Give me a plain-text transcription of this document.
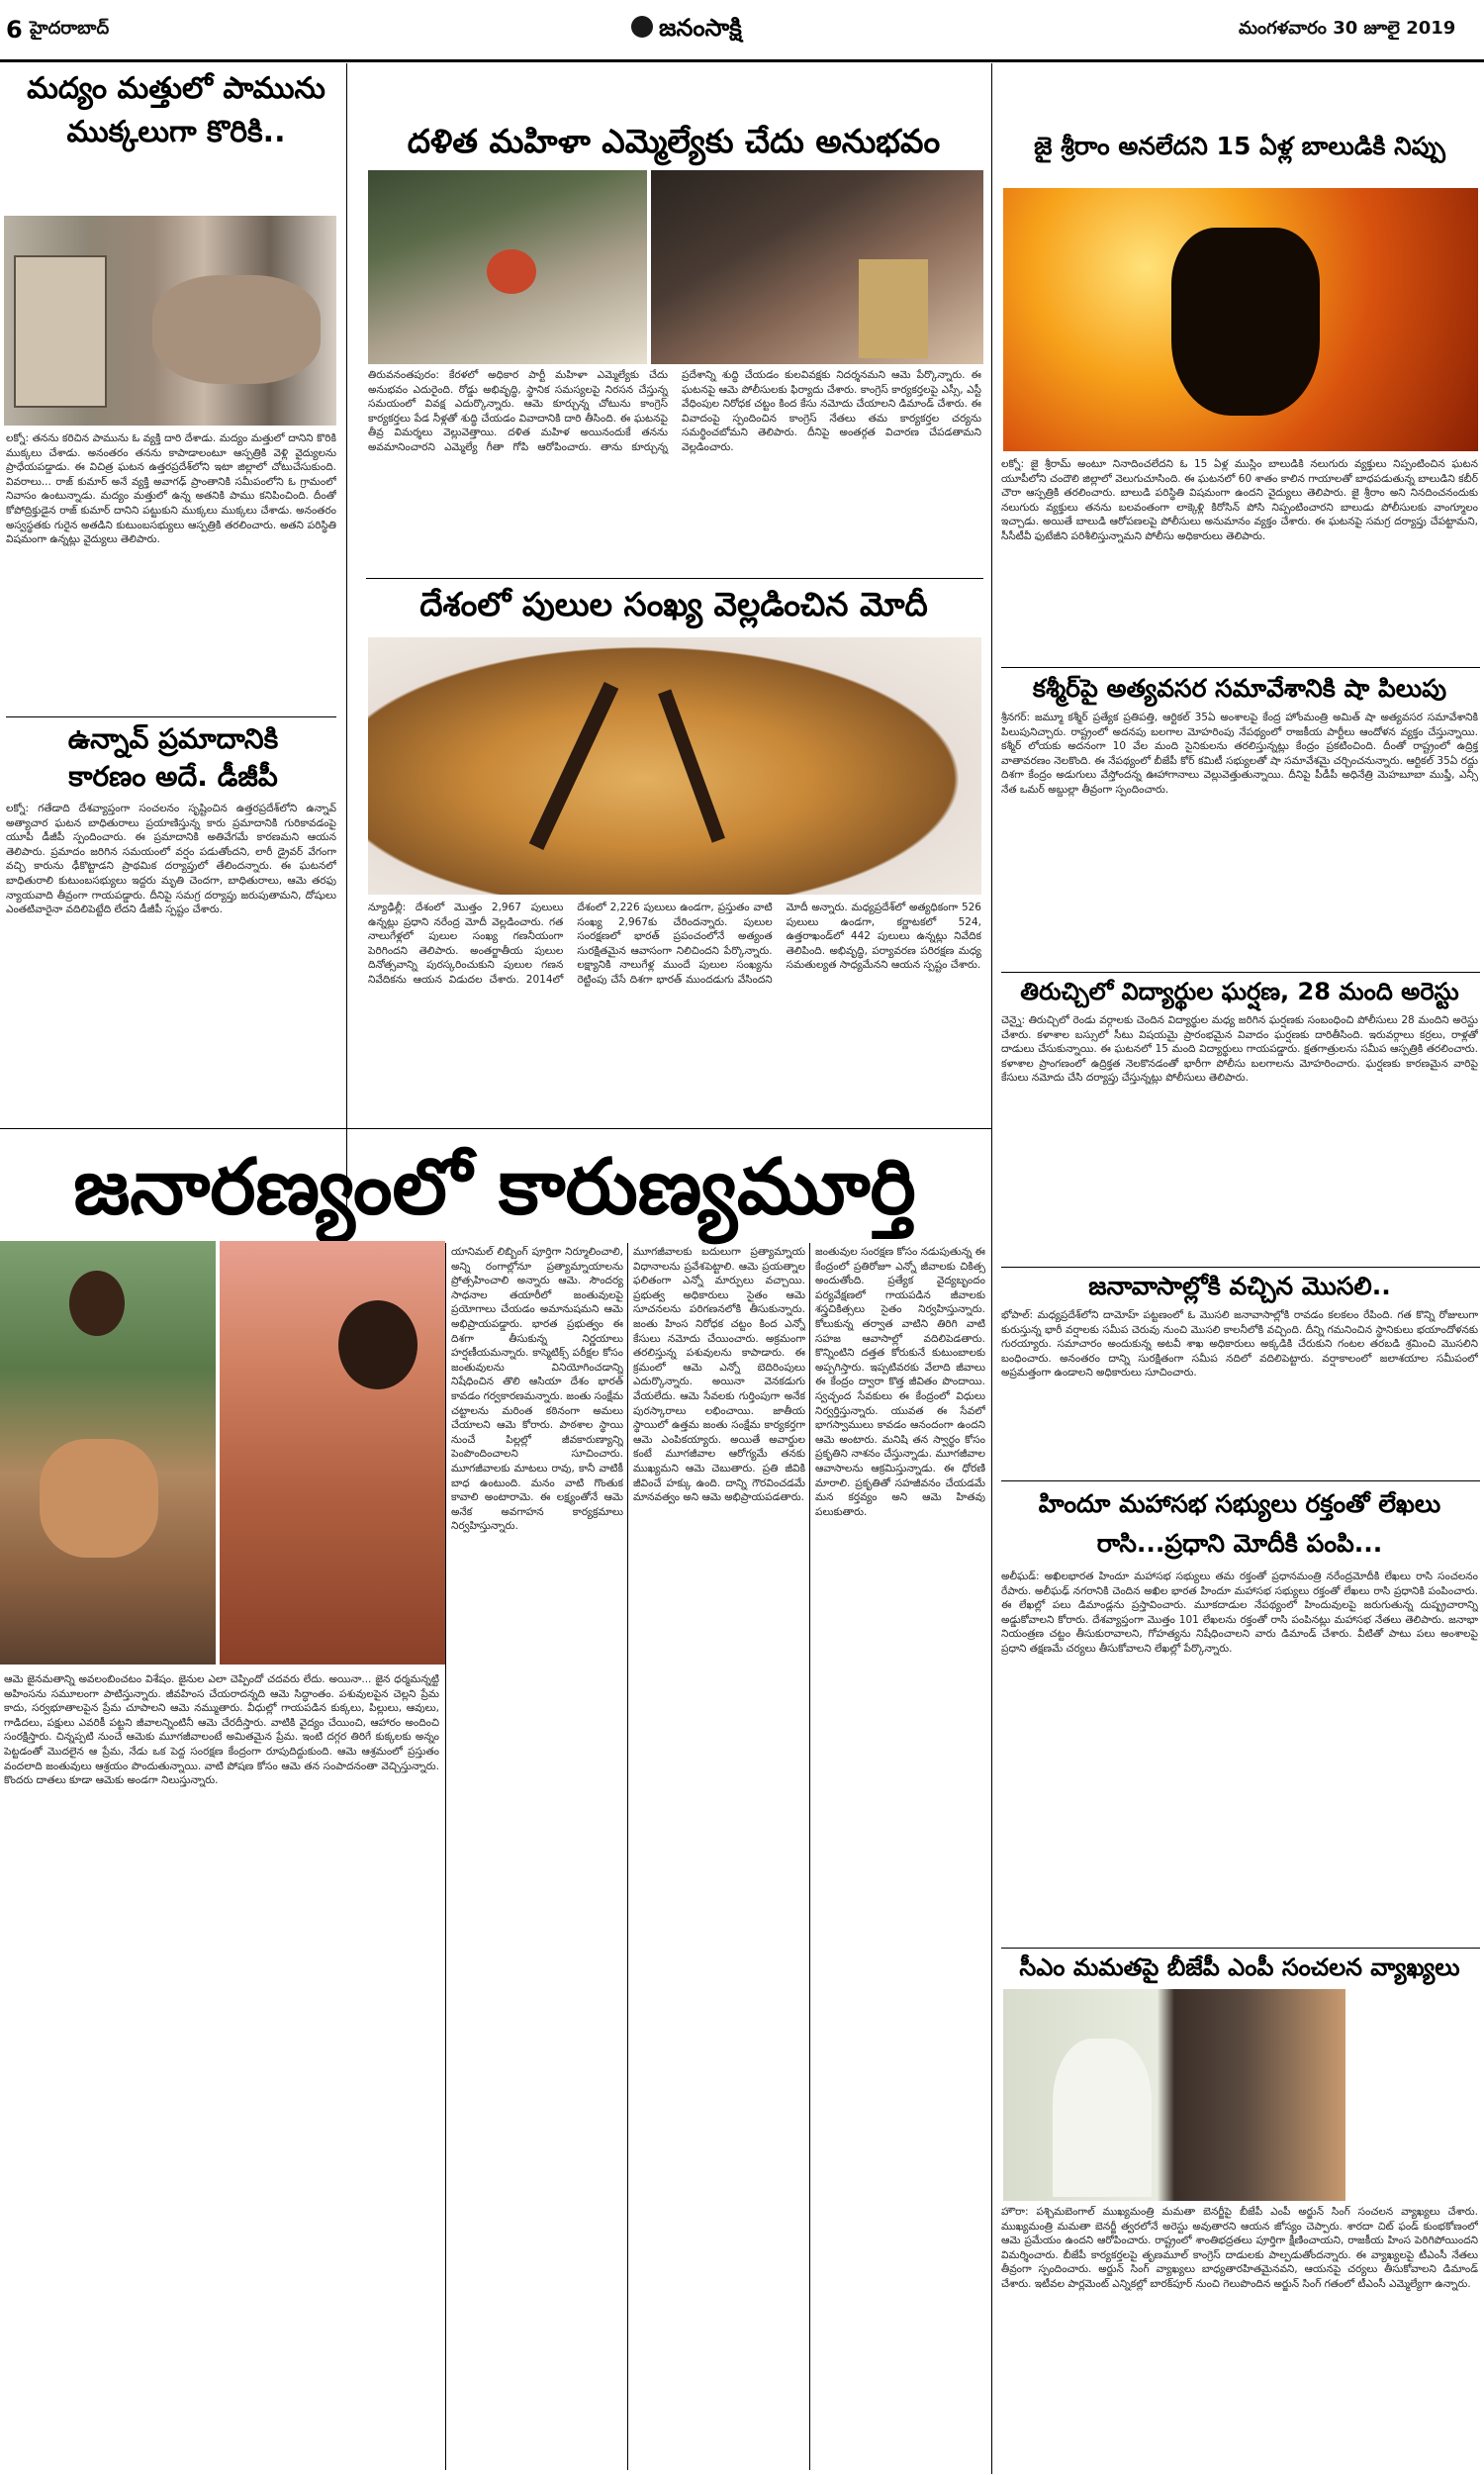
6 హైదరాబాద్	జనంసాక్షి	మంగళవారం 30 జూలై 2019
మద్యం మత్తులో పామును ముక్కలుగా కొరికి..
లక్నో: తనను కరిచిన పామును ఓ వ్యక్తి దారి దేశాడు. మద్యం మత్తులో దానిని కొరికి ముక్కలు చేశాడు. అనంతరం తనను కాపాడాలంటూ ఆస్పత్రికి వెళ్లి వైద్యులను ప్రాధేయపడ్డాడు. ఈ విచిత్ర ఘటన ఉత్తరప్రదేశ్‌లోని ఇటా జిల్లాలో చోటుచేసుకుంది. వివరాలు... రాజ్ కుమార్ అనే వ్యక్తి అవాగఢ్ ప్రాంతానికి సమీపంలోని ఓ గ్రామంలో నివాసం ఉంటున్నాడు. మద్యం మత్తులో ఉన్న అతనికి పాము కనిపించింది. దీంతో కోపోద్రిక్తుడైన రాజ్ కుమార్ దానిని పట్టుకుని ముక్కలు ముక్కలు చేశాడు. అనంతరం అస్వస్థతకు గురైన అతడిని కుటుంబసభ్యులు ఆస్పత్రికి తరలించారు. అతని పరిస్థితి విషమంగా ఉన్నట్లు వైద్యులు తెలిపారు.
ఉన్నావ్ ప్రమాదానికి కారణం అదే. డీజీపీ
లక్నో: గతేడాది దేశవ్యాప్తంగా సంచలనం సృష్టించిన ఉత్తరప్రదేశ్‌లోని ఉన్నావ్ అత్యాచార ఘటన బాధితురాలు ప్రయాణిస్తున్న కారు ప్రమాదానికి గురికావడంపై యూపీ డీజీపీ స్పందించారు. ఈ ప్రమాదానికి అతివేగమే కారణమని ఆయన తెలిపారు. ప్రమాదం జరిగిన సమయంలో వర్షం పడుతోందని, లారీ డ్రైవర్ వేగంగా వచ్చి కారును ఢీకొట్టాడని ప్రాథమిక దర్యాప్తులో తేలిందన్నారు. ఈ ఘటనలో బాధితురాలి కుటుంబసభ్యులు ఇద్దరు మృతి చెందగా, బాధితురాలు, ఆమె తరఫు న్యాయవాది తీవ్రంగా గాయపడ్డారు. దీనిపై సమగ్ర దర్యాప్తు జరుపుతామని, దోషులు ఎంతటివారైనా వదిలిపెట్టేది లేదని డీజీపీ స్పష్టం చేశారు.
దళిత మహిళా ఎమ్మెల్యేకు చేదు అనుభవం
తిరువనంతపురం: కేరళలో అధికార పార్టీ మహిళా ఎమ్మెల్యేకు చేదు అనుభవం ఎదురైంది. రోడ్డు అభివృద్ధి, స్థానిక సమస్యలపై నిరసన చేస్తున్న సమయంలో వివక్ష ఎదుర్కొన్నారు. ఆమె కూర్చున్న చోటును కాంగ్రెస్ కార్యకర్తలు పేడ నీళ్లతో శుద్ధి చేయడం వివాదానికి దారి తీసింది. ఈ ఘటనపై తీవ్ర విమర్శలు వెల్లువెత్తాయి. దళిత మహిళ అయినందుకే తనను అవమానించారని ఎమ్మెల్యే గీతా గోపి ఆరోపించారు. తాను కూర్చున్న ప్రదేశాన్ని శుద్ధి చేయడం కులవివక్షకు నిదర్శనమని ఆమె పేర్కొన్నారు. ఈ ఘటనపై ఆమె పోలీసులకు ఫిర్యాదు చేశారు. కాంగ్రెస్ కార్యకర్తలపై ఎస్సీ, ఎస్టీ వేధింపుల నిరోధక చట్టం కింద కేసు నమోదు చేయాలని డిమాండ్ చేశారు. ఈ వివాదంపై స్పందించిన కాంగ్రెస్ నేతలు తమ కార్యకర్తల చర్యను సమర్థించబోమని తెలిపారు. దీనిపై అంతర్గత విచారణ చేపడతామని వెల్లడించారు.
దేశంలో పులుల సంఖ్య వెల్లడించిన మోదీ
న్యూఢిల్లీ: దేశంలో మొత్తం 2,967 పులులు ఉన్నట్లు ప్రధాని నరేంద్ర మోదీ వెల్లడించారు. గత నాలుగేళ్లలో పులుల సంఖ్య గణనీయంగా పెరిగిందని తెలిపారు. అంతర్జాతీయ పులుల దినోత్సవాన్ని పురస్కరించుకుని పులుల గణన నివేదికను ఆయన విడుదల చేశారు. 2014లో దేశంలో 2,226 పులులు ఉండగా, ప్రస్తుతం వాటి సంఖ్య 2,967కు చేరిందన్నారు. పులుల సంరక్షణలో భారత్ ప్రపంచంలోనే అత్యంత సురక్షితమైన ఆవాసంగా నిలిచిందని పేర్కొన్నారు. లక్ష్యానికి నాలుగేళ్ల ముందే పులుల సంఖ్యను రెట్టింపు చేసే దిశగా భారత్ ముందడుగు వేసిందని మోదీ అన్నారు. మధ్యప్రదేశ్‌లో అత్యధికంగా 526 పులులు ఉండగా, కర్ణాటకలో 524, ఉత్తరాఖండ్‌లో 442 పులులు ఉన్నట్లు నివేదిక తెలిపింది. అభివృద్ధి, పర్యావరణ పరిరక్షణ మధ్య సమతుల్యత సాధ్యమేనని ఆయన స్పష్టం చేశారు.
జై శ్రీరాం అనలేదని 15 ఏళ్ల బాలుడికి నిప్పు
లక్నో: జై శ్రీరామ్ అంటూ నినాదించలేదని ఓ 15 ఏళ్ల ముస్లిం బాలుడికి నలుగురు వ్యక్తులు నిప్పంటించిన ఘటన యూపీలోని చందౌలి జిల్లాలో వెలుగుచూసింది. ఈ ఘటనలో 60 శాతం కాలిన గాయాలతో బాధపడుతున్న బాలుడిని కబీర్ చౌరా ఆస్పత్రికి తరలించారు. బాలుడి పరిస్థితి విషమంగా ఉందని వైద్యులు తెలిపారు. జై శ్రీరాం అని నినదించనందుకు నలుగురు వ్యక్తులు తనను బలవంతంగా లాక్కెళ్లి కిరోసిన్ పోసి నిప్పంటించారని బాలుడు పోలీసులకు వాంగ్మూలం ఇచ్చాడు. అయితే బాలుడి ఆరోపణలపై పోలీసులు అనుమానం వ్యక్తం చేశారు. ఈ ఘటనపై సమగ్ర దర్యాప్తు చేపట్టామని, సీసీటీవీ ఫుటేజీని పరిశీలిస్తున్నామని పోలీసు అధికారులు తెలిపారు.
కశ్మీర్‌పై అత్యవసర సమావేశానికి షా పిలుపు
శ్రీనగర్: జమ్మూ కశ్మీర్ ప్రత్యేక ప్రతిపత్తి, ఆర్టికల్ 35ఏ అంశాలపై కేంద్ర హోంమంత్రి అమిత్ షా అత్యవసర సమావేశానికి పిలుపునిచ్చారు. రాష్ట్రంలో అదనపు బలగాల మోహరింపు నేపథ్యంలో రాజకీయ పార్టీలు ఆందోళన వ్యక్తం చేస్తున్నాయి. కశ్మీర్ లోయకు అదనంగా 10 వేల మంది సైనికులను తరలిస్తున్నట్లు కేంద్రం ప్రకటించింది. దీంతో రాష్ట్రంలో ఉద్రిక్త వాతావరణం నెలకొంది. ఈ నేపథ్యంలో బీజేపీ కోర్ కమిటీ సభ్యులతో షా సమావేశమై చర్చించనున్నారు. ఆర్టికల్ 35ఏ రద్దు దిశగా కేంద్రం అడుగులు వేస్తోందన్న ఊహాగానాలు వెల్లువెత్తుతున్నాయి. దీనిపై పీడీపీ అధినేత్రి మెహబూబా ముఫ్తీ, ఎన్సీ నేత ఒమర్ అబ్దుల్లా తీవ్రంగా స్పందించారు.
తిరుచ్చిలో విద్యార్థుల ఘర్షణ, 28 మంది అరెస్టు
చెన్నై: తిరుచ్చిలో రెండు వర్గాలకు చెందిన విద్యార్థుల మధ్య జరిగిన ఘర్షణకు సంబంధించి పోలీసులు 28 మందిని అరెస్టు చేశారు. కళాశాల బస్సులో సీటు విషయమై ప్రారంభమైన వివాదం ఘర్షణకు దారితీసింది. ఇరువర్గాలు కర్రలు, రాళ్లతో దాడులు చేసుకున్నాయి. ఈ ఘటనలో 15 మంది విద్యార్థులు గాయపడ్డారు. క్షతగాత్రులను సమీప ఆస్పత్రికి తరలించారు. కళాశాల ప్రాంగణంలో ఉద్రిక్తత నెలకొనడంతో భారీగా పోలీసు బలగాలను మోహరించారు. ఘర్షణకు కారణమైన వారిపై కేసులు నమోదు చేసి దర్యాప్తు చేస్తున్నట్లు పోలీసులు తెలిపారు.
జనావాసాల్లోకి వచ్చిన మొసలి..
భోపాల్: మధ్యప్రదేశ్‌లోని దామోహ్ పట్టణంలో ఓ మొసలి జనావాసాల్లోకి రావడం కలకలం రేపింది. గత కొన్ని రోజులుగా కురుస్తున్న భారీ వర్షాలకు సమీప చెరువు నుంచి మొసలి కాలనీలోకి వచ్చింది. దీన్ని గమనించిన స్థానికులు భయాందోళనకు గురయ్యారు. సమాచారం అందుకున్న అటవీ శాఖ అధికారులు అక్కడికి చేరుకుని గంటల తరబడి శ్రమించి మొసలిని బంధించారు. అనంతరం దాన్ని సురక్షితంగా సమీప నదిలో వదిలిపెట్టారు. వర్షాకాలంలో జలాశయాల సమీపంలో అప్రమత్తంగా ఉండాలని అధికారులు సూచించారు.
హిందూ మహాసభ సభ్యులు రక్తంతో లేఖలు రాసి...ప్రధాని మోదీకి పంపి...
అలీఘడ్: అఖిలభారత హిందూ మహాసభ సభ్యులు తమ రక్తంతో ప్రధానమంత్రి నరేంద్రమోదీకి లేఖలు రాసి సంచలనం రేపారు. అలీఘఢ్ నగరానికి చెందిన అఖిల భారత హిందూ మహాసభ సభ్యులు రక్తంతో లేఖలు రాసి ప్రధానికి పంపించారు. ఈ లేఖల్లో పలు డిమాండ్లను ప్రస్తావించారు. మూకదాడుల నేపథ్యంలో హిందువులపై జరుగుతున్న దుష్ప్రచారాన్ని అడ్డుకోవాలని కోరారు. దేశవ్యాప్తంగా మొత్తం 101 లేఖలను రక్తంతో రాసి పంపినట్లు మహాసభ నేతలు తెలిపారు. జనాభా నియంత్రణ చట్టం తీసుకురావాలని, గోహత్యను నిషేధించాలని వారు డిమాండ్ చేశారు. వీటితో పాటు పలు అంశాలపై ప్రధాని తక్షణమే చర్యలు తీసుకోవాలని లేఖల్లో పేర్కొన్నారు.
సీఎం మమతపై బీజేపీ ఎంపీ సంచలన వ్యాఖ్యలు
హౌరా: పశ్చిమబెంగాల్ ముఖ్యమంత్రి మమతా బెనర్జీపై బీజేపీ ఎంపీ అర్జున్ సింగ్ సంచలన వ్యాఖ్యలు చేశారు. ముఖ్యమంత్రి మమతా బెనర్జీ త్వరలోనే అరెస్టు అవుతారని ఆయన జోస్యం చెప్పారు. శారదా చిట్ ఫండ్ కుంభకోణంలో ఆమె ప్రమేయం ఉందని ఆరోపించారు. రాష్ట్రంలో శాంతిభద్రతలు పూర్తిగా క్షీణించాయని, రాజకీయ హింస పెరిగిపోయిందని విమర్శించారు. బీజేపీ కార్యకర్తలపై తృణమూల్ కాంగ్రెస్ దాడులకు పాల్పడుతోందన్నారు. ఈ వ్యాఖ్యలపై టీఎంసీ నేతలు తీవ్రంగా స్పందించారు. అర్జున్ సింగ్ వ్యాఖ్యలు బాధ్యతారహితమైనవని, ఆయనపై చర్యలు తీసుకోవాలని డిమాండ్ చేశారు. ఇటీవల పార్లమెంట్ ఎన్నికల్లో బారక్‌పూర్ నుంచి గెలుపొందిన అర్జున్ సింగ్ గతంలో టీఎంసీ ఎమ్మెల్యేగా ఉన్నారు.
జనారణ్యంలో కారుణ్యమూర్తి
ఆమె జైనమతాన్ని అవలంబించటం విశేషం. జైనుల ఎలా చెప్పిందో చదవరు లేదు. అయినా... జైన ధర్మమన్నట్టి అహింసను సమూలంగా పాటిస్తున్నారు. జీవహింస చేయరాదన్నది ఆమె సిద్ధాంతం. పశువులపైన చెల్లని ప్రేమ కాదు, సర్వభూతాలపైన ప్రేమ చూపాలని ఆమె నమ్ముతారు. వీధుల్లో గాయపడిన కుక్కలు, పిల్లులు, ఆవులు, గాడిదలు, పక్షులు ఎవరికీ పట్టని జీవాలన్నింటినీ ఆమె చేరదీస్తారు. వాటికి వైద్యం చేయించి, ఆహారం అందించి సంరక్షిస్తారు. చిన్నప్పటి నుంచే ఆమెకు మూగజీవాలంటే అమితమైన ప్రేమ. ఇంటి దగ్గర తిరిగే కుక్కలకు అన్నం పెట్టడంతో మొదలైన ఆ ప్రేమ, నేడు ఒక పెద్ద సంరక్షణ కేంద్రంగా రూపుదిద్దుకుంది. ఆమె ఆశ్రమంలో ప్రస్తుతం వందలాది జంతువులు ఆశ్రయం పొందుతున్నాయి. వాటి పోషణ కోసం ఆమె తన సంపాదనంతా వెచ్చిస్తున్నారు. కొందరు దాతలు కూడా ఆమెకు అండగా నిలుస్తున్నారు.
యానిమల్ లిబ్బింగ్ పూర్తిగా నిర్మూలించాలి, అన్ని రంగాల్లోనూ ప్రత్యామ్నాయాలను ప్రోత్సహించాలి అన్నారు ఆమె. సౌందర్య సాధనాల తయారీలో జంతువులపై ప్రయోగాలు చేయడం అమానుషమని ఆమె అభిప్రాయపడ్డారు. భారత ప్రభుత్వం ఈ దిశగా తీసుకున్న నిర్ణయాలు హర్షణీయమన్నారు. కాస్మెటిక్స్ పరీక్షల కోసం జంతువులను వినియోగించడాన్ని నిషేధించిన తొలి ఆసియా దేశం భారత్ కావడం గర్వకారణమన్నారు. జంతు సంక్షేమ చట్టాలను మరింత కఠినంగా అమలు చేయాలని ఆమె కోరారు. పాఠశాల స్థాయి నుంచే పిల్లల్లో జీవకారుణ్యాన్ని పెంపొందించాలని సూచించారు. మూగజీవాలకు మాటలు రావు, కానీ వాటికీ బాధ ఉంటుంది. మనం వాటి గొంతుక కావాలి అంటారామె. ఈ లక్ష్యంతోనే ఆమె అనేక అవగాహన కార్యక్రమాలు నిర్వహిస్తున్నారు.
మూగజీవాలకు బదులుగా ప్రత్యామ్నాయ విధానాలను ప్రవేశపెట్టాలి. ఆమె ప్రయత్నాల ఫలితంగా ఎన్నో మార్పులు వచ్చాయి. ప్రభుత్వ అధికారులు సైతం ఆమె సూచనలను పరిగణనలోకి తీసుకున్నారు. జంతు హింస నిరోధక చట్టం కింద ఎన్నో కేసులు నమోదు చేయించారు. అక్రమంగా తరలిస్తున్న పశువులను కాపాడారు. ఈ క్రమంలో ఆమె ఎన్నో బెదిరింపులు ఎదుర్కొన్నారు. అయినా వెనకడుగు వేయలేదు. ఆమె సేవలకు గుర్తింపుగా అనేక పురస్కారాలు లభించాయి. జాతీయ స్థాయిలో ఉత్తమ జంతు సంక్షేమ కార్యకర్తగా ఆమె ఎంపికయ్యారు. అయితే అవార్డుల కంటే మూగజీవాల ఆరోగ్యమే తనకు ముఖ్యమని ఆమె చెబుతారు. ప్రతి జీవికి జీవించే హక్కు ఉంది. దాన్ని గౌరవించడమే మానవత్వం అని ఆమె అభిప్రాయపడతారు.
జంతువుల సంరక్షణ కోసం నడుపుతున్న ఈ కేంద్రంలో ప్రతిరోజూ ఎన్నో జీవాలకు చికిత్స అందుతోంది. ప్రత్యేక వైద్యబృందం పర్యవేక్షణలో గాయపడిన జీవాలకు శస్త్రచికిత్సలు సైతం నిర్వహిస్తున్నారు. కోలుకున్న తర్వాత వాటిని తిరిగి వాటి సహజ ఆవాసాల్లో వదిలిపెడతారు. కొన్నింటిని దత్తత కోరుకునే కుటుంబాలకు అప్పగిస్తారు. ఇప్పటివరకు వేలాది జీవాలు ఈ కేంద్రం ద్వారా కొత్త జీవితం పొందాయి. స్వచ్ఛంద సేవకులు ఈ కేంద్రంలో విధులు నిర్వర్తిస్తున్నారు. యువత ఈ సేవలో భాగస్వాములు కావడం ఆనందంగా ఉందని ఆమె అంటారు. మనిషి తన స్వార్థం కోసం ప్రకృతిని నాశనం చేస్తున్నాడు. మూగజీవాల ఆవాసాలను ఆక్రమిస్తున్నాడు. ఈ ధోరణి మారాలి. ప్రకృతితో సహజీవనం చేయడమే మన కర్తవ్యం అని ఆమె హితవు పలుకుతారు.
